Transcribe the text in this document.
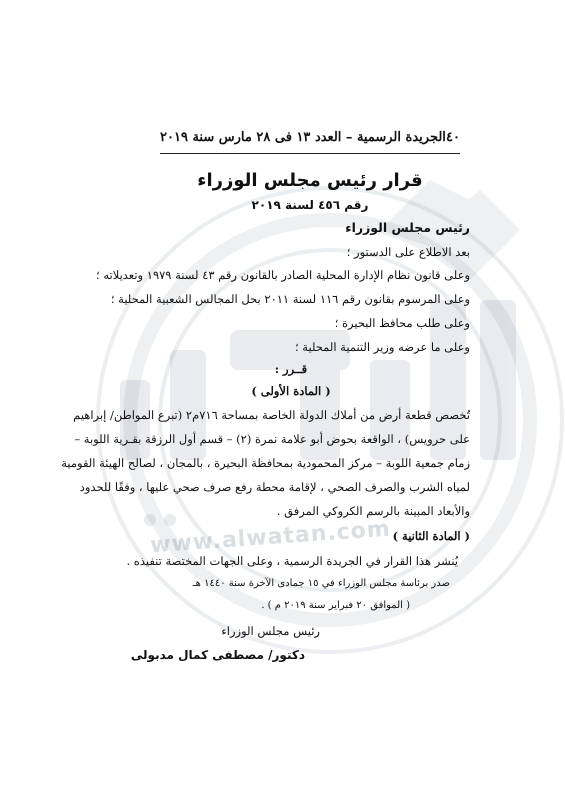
www.alwatan.com
٤٠
الجريدة الرسمية – العدد ١٣ فى ٢٨ مارس سنة ٢٠١٩
قرار رئيس مجلس الوزراء
رقم ٤٥٦ لسنة ٢٠١٩
رئيس مجلس الوزراء
بعد الاطلاع على الدستور ؛
وعلى قانون نظام الإدارة المحلية الصادر بالقانون رقم ٤٣ لسنة ١٩٧٩ وتعديلاته ؛
وعلى المرسوم بقانون رقم ١١٦ لسنة ٢٠١١ بحل المجالس الشعبية المحلية ؛
وعلى طلب محافظ البحيرة ؛
وعلى ما عرضه وزير التنمية المحلية ؛
قــرر :
( المادة الأولى )
تُخصص قطعة أرض من أملاك الدولة الخاصة بمساحة ٧١٦م٢ (تبرع المواطن/ إبراهيم
على حرويس) ، الواقعة بحوض أبو علامة نمرة (٢) – قسم أول الرزقة بقـرية اللوبة –
زمام جمعية اللوبة – مركز المحمودية بمحافظة البحيرة ، بالمجان ، لصالح الهيئة القومية
لمياه الشرب والصرف الصحي ، لإقامة محطة رفع صرف صحي عليها ، وفقًا للحدود
والأبعاد المبينة بالرسم الكروكي المرفق .
( المادة الثانية )
يُنشر هذا القرار في الجريدة الرسمية ، وعلى الجهات المختصة تنفيذه .
صدر برئاسة مجلس الوزراء في ١٥ جمادى الآخرة سنة ١٤٤٠ هـ
( الموافق ٢٠ فبراير سنة ٢٠١٩ م ) .
رئيس مجلس الوزراء
دكتور/ مصطفى كمال مدبولى
